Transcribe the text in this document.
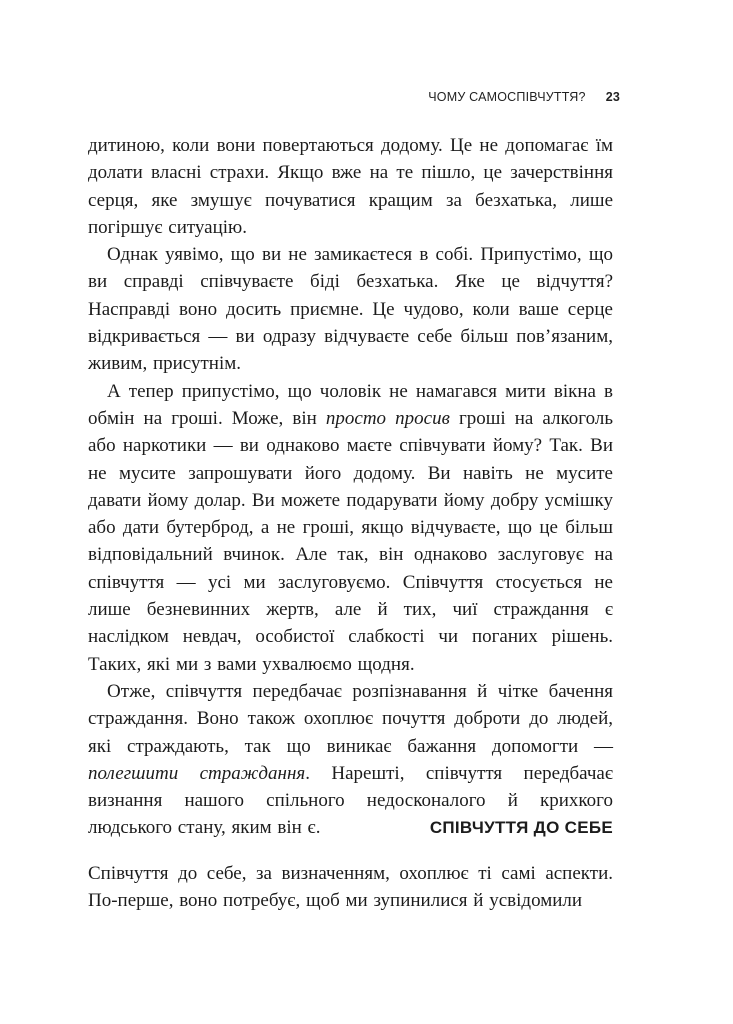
ЧОМУ САМОСПІВЧУТТЯ? 23

дитиною, коли вони повертаються додому. Це не допомагає їм долати власні страхи. Якщо вже на те пішло, це зачерствіння серця, яке змушує почуватися кращим за безхатька, лише погіршує ситуацію.

Однак уявімо, що ви не замикаєтеся в собі. Припустімо, що ви справді співчуваєте біді безхатька. Яке це відчуття? Насправді воно досить приємне. Це чудово, коли ваше серце відкривається — ви одразу відчуваєте себе більш пов’язаним, живим, присутнім.

А тепер припустімо, що чоловік не намагався мити вікна в обмін на гроші. Може, він просто просив гроші на алкоголь або наркотики — ви однаково маєте співчувати йому? Так. Ви не мусите запрошувати його додому. Ви навіть не мусите давати йому долар. Ви можете подарувати йому добру усмішку або дати бутерброд, а не гроші, якщо відчуваєте, що це більш відповідальний вчинок. Але так, він однаково заслуговує на співчуття — усі ми заслуговуємо. Співчуття стосується не лише безневинних жертв, але й тих, чиї страждання є наслідком невдач, особистої слабкості чи поганих рішень. Таких, які ми з вами ухвалюємо щодня.

Отже, співчуття передбачає розпізнавання й чітке бачення страждання. Воно також охоплює почуття доброти до людей, які страждають, так що виникає бажання допомогти — полегшити страждання. Нарешті, співчуття передбачає визнання нашого спільного недосконалого й крихкого людського стану, яким він є.	СПІВЧУТТЯ ДО СЕБЕ

Співчуття до себе, за визначенням, охоплює ті самі аспекти. По-перше, воно потребує, щоб ми зупинилися й усвідомили
